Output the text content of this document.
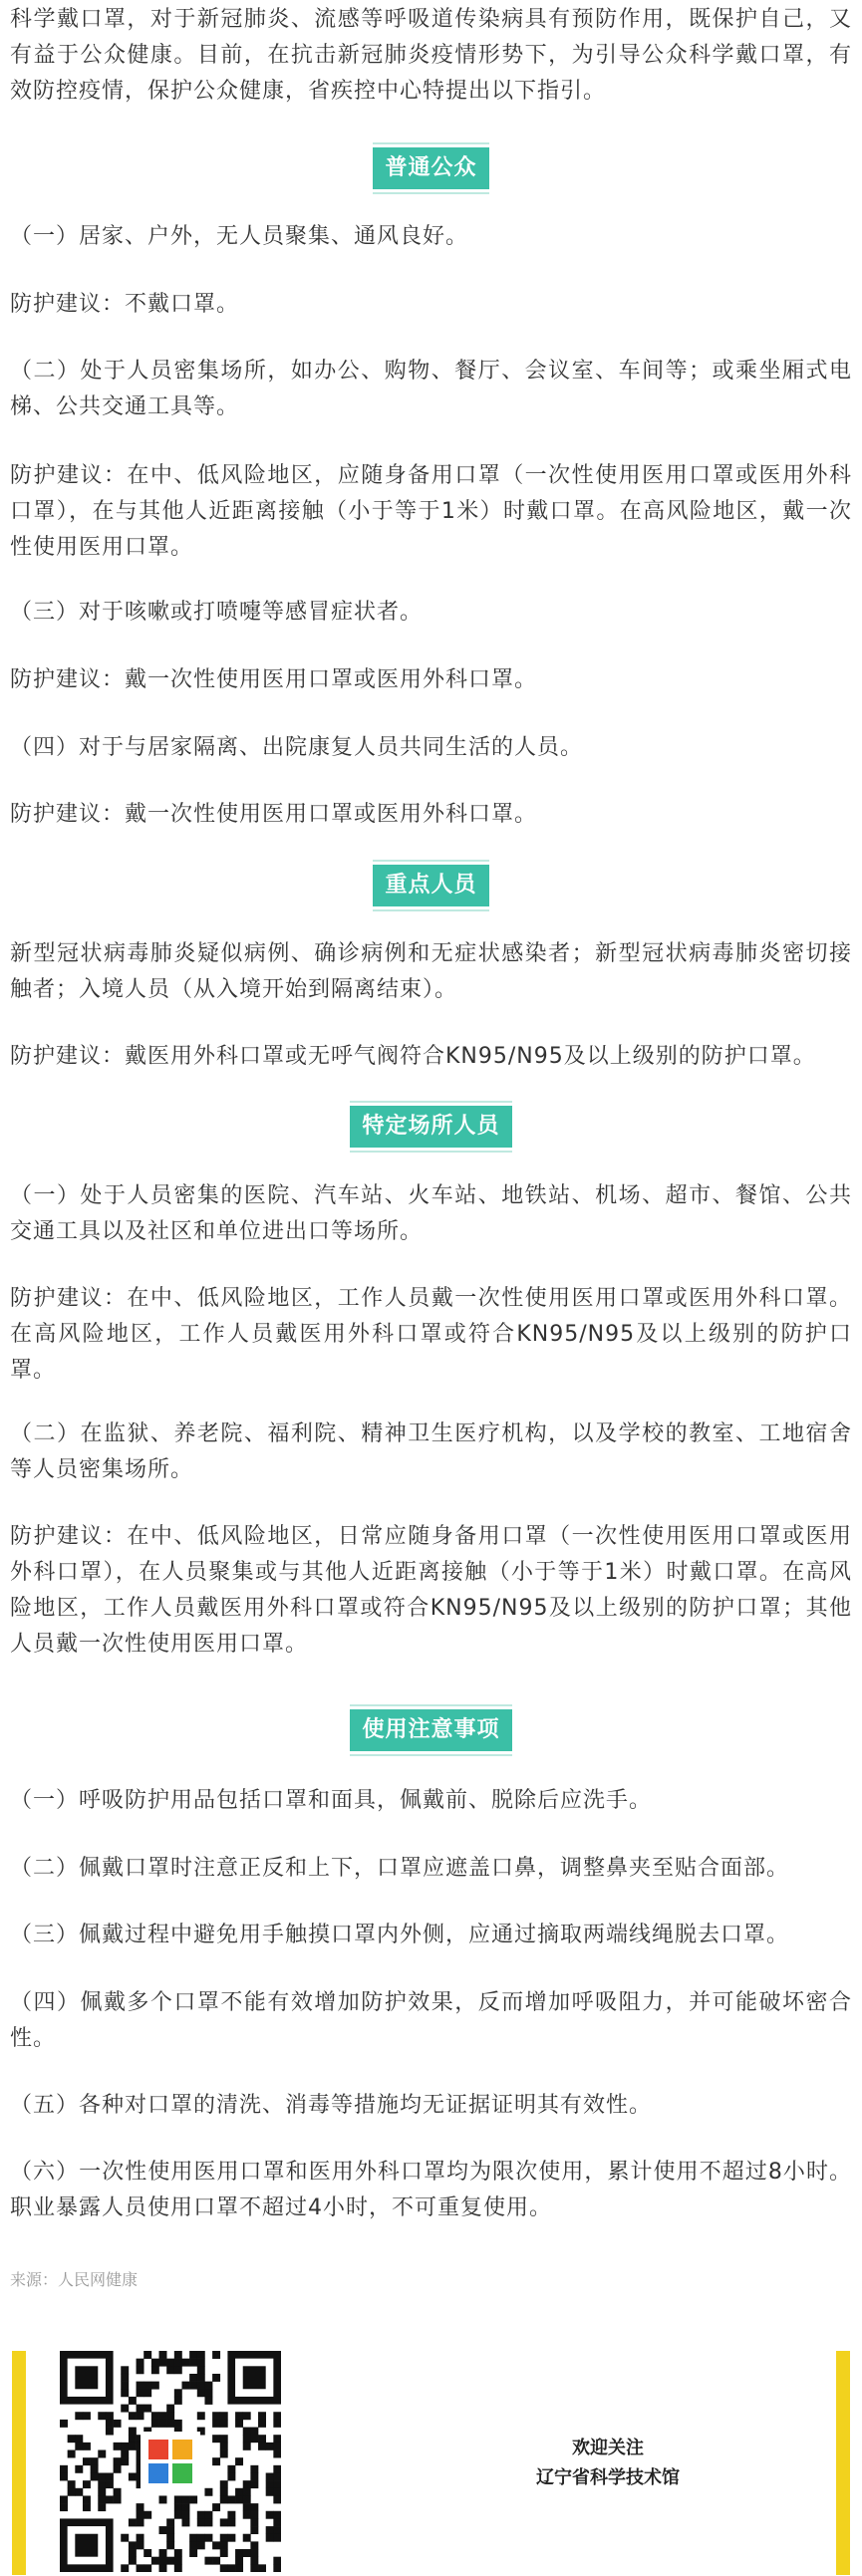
科学戴口罩，对于新冠肺炎、流感等呼吸道传染病具有预防作用，既保护自己，又有益于公众健康。目前，在抗击新冠肺炎疫情形势下，为引导公众科学戴口罩，有效防控疫情，保护公众健康，省疾控中心特提出以下指引。

普通公众

（一）居家、户外，无人员聚集、通风良好。

防护建议：不戴口罩。

（二）处于人员密集场所，如办公、购物、餐厅、会议室、车间等；或乘坐厢式电梯、公共交通工具等。

防护建议：在中、低风险地区，应随身备用口罩（一次性使用医用口罩或医用外科口罩），在与其他人近距离接触（小于等于1米）时戴口罩。在高风险地区，戴一次性使用医用口罩。

（三）对于咳嗽或打喷嚏等感冒症状者。

防护建议：戴一次性使用医用口罩或医用外科口罩。

（四）对于与居家隔离、出院康复人员共同生活的人员。

防护建议：戴一次性使用医用口罩或医用外科口罩。

重点人员

新型冠状病毒肺炎疑似病例、确诊病例和无症状感染者；新型冠状病毒肺炎密切接触者；入境人员（从入境开始到隔离结束）。

防护建议：戴医用外科口罩或无呼气阀符合KN95/N95及以上级别的防护口罩。

特定场所人员

（一）处于人员密集的医院、汽车站、火车站、地铁站、机场、超市、餐馆、公共交通工具以及社区和单位进出口等场所。

防护建议：在中、低风险地区，工作人员戴一次性使用医用口罩或医用外科口罩。在高风险地区，工作人员戴医用外科口罩或符合KN95/N95及以上级别的防护口罩。

（二）在监狱、养老院、福利院、精神卫生医疗机构，以及学校的教室、工地宿舍等人员密集场所。

防护建议：在中、低风险地区，日常应随身备用口罩（一次性使用医用口罩或医用外科口罩），在人员聚集或与其他人近距离接触（小于等于1米）时戴口罩。在高风险地区，工作人员戴医用外科口罩或符合KN95/N95及以上级别的防护口罩；其他人员戴一次性使用医用口罩。

使用注意事项

（一）呼吸防护用品包括口罩和面具，佩戴前、脱除后应洗手。

（二）佩戴口罩时注意正反和上下，口罩应遮盖口鼻，调整鼻夹至贴合面部。

（三）佩戴过程中避免用手触摸口罩内外侧，应通过摘取两端线绳脱去口罩。

（四）佩戴多个口罩不能有效增加防护效果，反而增加呼吸阻力，并可能破坏密合性。

（五）各种对口罩的清洗、消毒等措施均无证据证明其有效性。

（六）一次性使用医用口罩和医用外科口罩均为限次使用，累计使用不超过8小时。职业暴露人员使用口罩不超过4小时，不可重复使用。

来源：人民网健康
欢迎关注
辽宁省科学技术馆
